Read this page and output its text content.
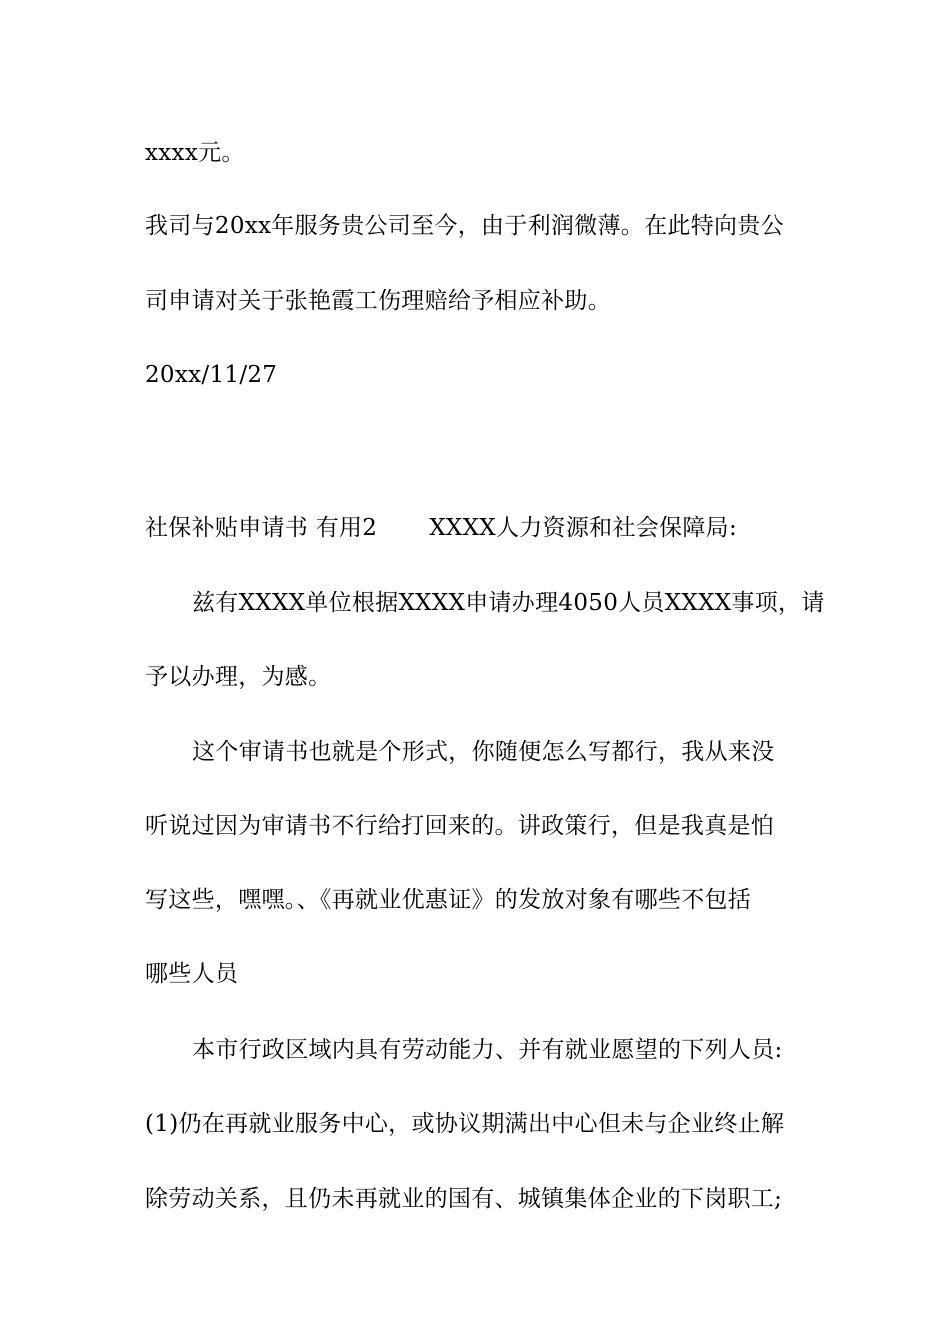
xxxx元。
我司与20xx年服务贵公司至今，由于利润微薄。在此特向贵公
司申请对关于张艳霞工伤理赔给予相应补助。
20xx/11/27
社保补贴申请书 有用2 XXXX人力资源和社会保障局:
兹有XXXX单位根据XXXX申请办理4050人员XXXX事项，请
予以办理，为感。
这个审请书也就是个形式，你随便怎么写都行，我从来没
听说过因为审请书不行给打回来的。讲政策行，但是我真是怕
写这些，嘿嘿。、《再就业优惠证》的发放对象有哪些不包括
哪些人员
本市行政区域内具有劳动能力、并有就业愿望的下列人员:
(1)仍在再就业服务中心，或协议期满出中心但未与企业终止解
除劳动关系，且仍未再就业的国有、城镇集体企业的下岗职工;
